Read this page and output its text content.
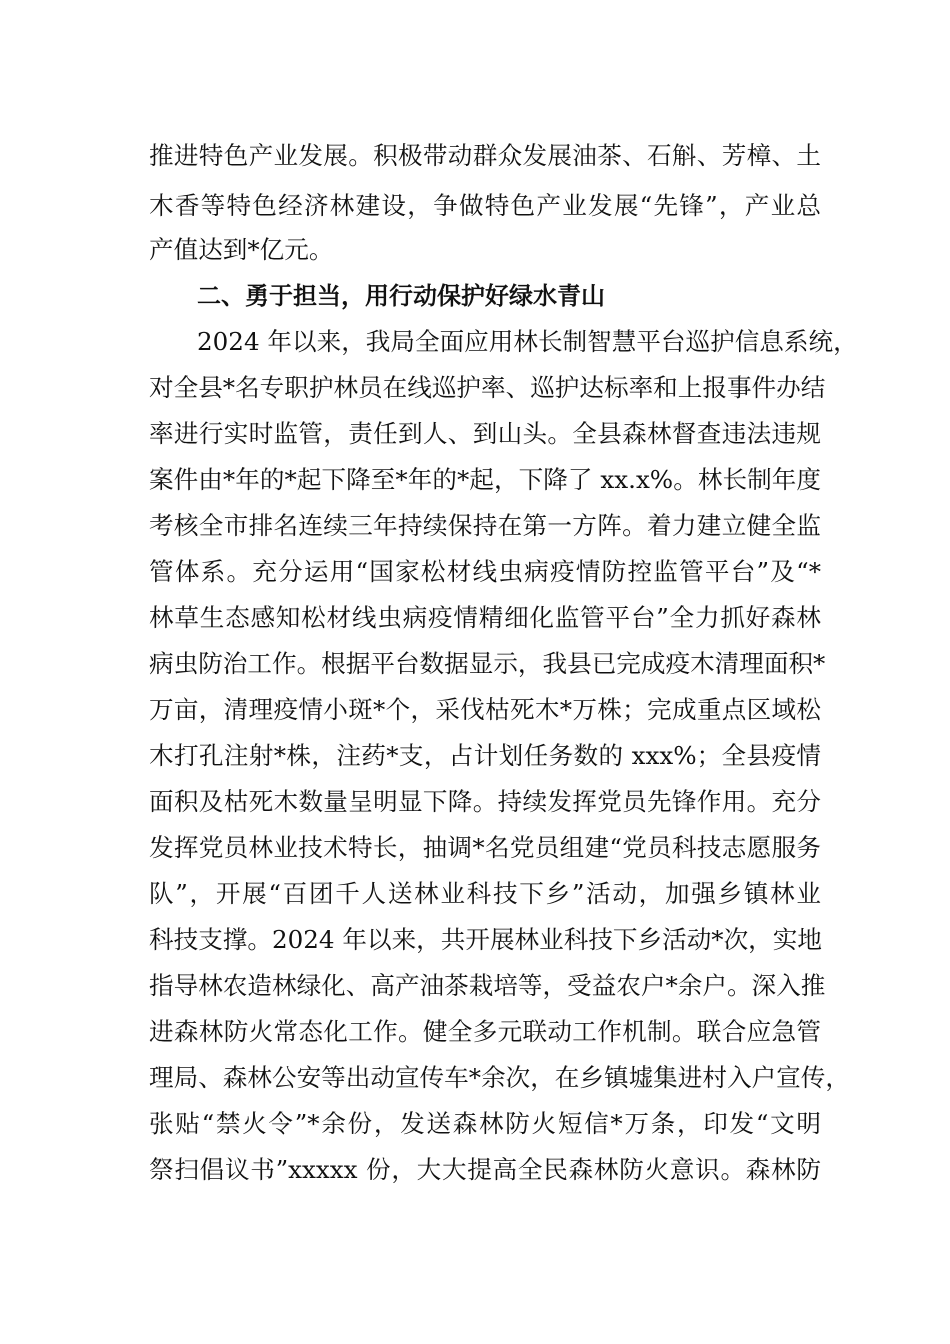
推进特色产业发展。积极带动群众发展油茶、石斛、芳樟、土
木香等特色经济林建设，争做特色产业发展“先锋”，产业总
产值达到*亿元。
二、勇于担当，用行动保护好绿水青山
2024 年以来，我局全面应用林长制智慧平台巡护信息系统，
对全县*名专职护林员在线巡护率、巡护达标率和上报事件办结
率进行实时监管，责任到人、到山头。全县森林督查违法违规
案件由*年的*起下降至*年的*起，下降了 xx.x%。林长制年度
考核全市排名连续三年持续保持在第一方阵。着力建立健全监
管体系。充分运用“国家松材线虫病疫情防控监管平台”及“*
林草生态感知松材线虫病疫情精细化监管平台”全力抓好森林
病虫防治工作。根据平台数据显示，我县已完成疫木清理面积*
万亩，清理疫情小斑*个，采伐枯死木*万株；完成重点区域松
木打孔注射*株，注药*支，占计划任务数的 xxx%；全县疫情
面积及枯死木数量呈明显下降。持续发挥党员先锋作用。充分
发挥党员林业技术特长，抽调*名党员组建“党员科技志愿服务
队”，开展“百团千人送林业科技下乡”活动，加强乡镇林业
科技支撑。2024 年以来，共开展林业科技下乡活动*次，实地
指导林农造林绿化、高产油茶栽培等，受益农户*余户。深入推
进森林防火常态化工作。健全多元联动工作机制。联合应急管
理局、森林公安等出动宣传车*余次，在乡镇墟集进村入户宣传，
张贴“禁火令”*余份，发送森林防火短信*万条，印发“文明
祭扫倡议书”xxxxx 份，大大提高全民森林防火意识。森林防
